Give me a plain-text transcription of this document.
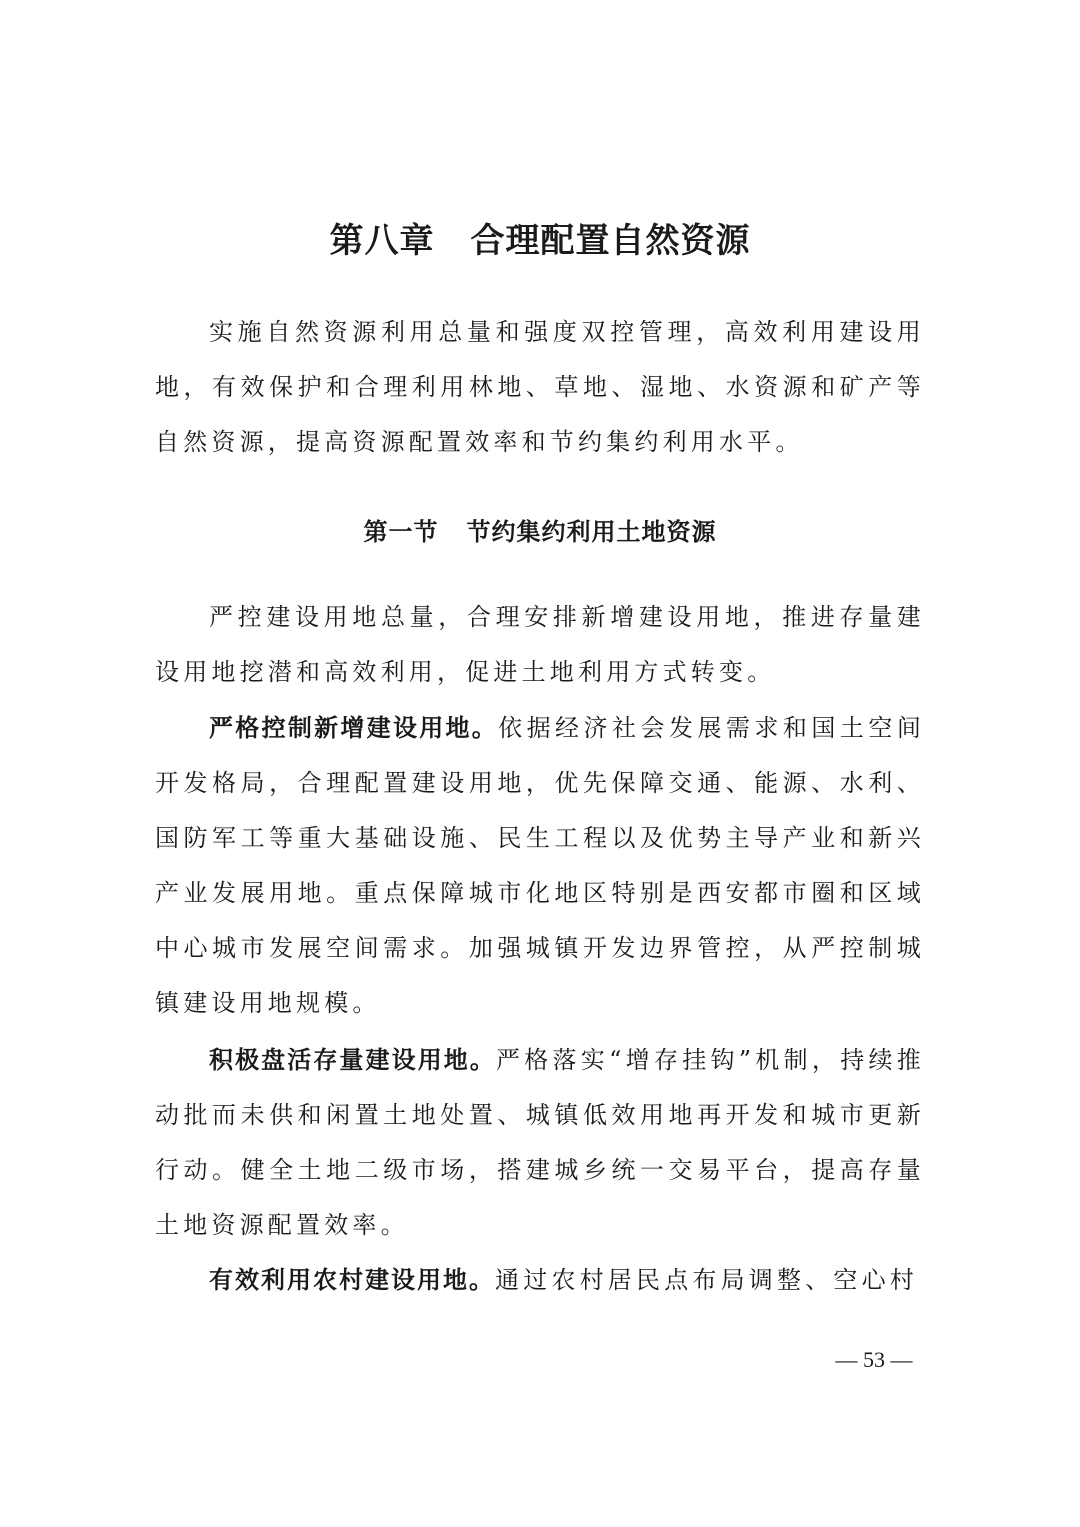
第八章 合理配置自然资源

实施自然资源利用总量和强度双控管理，高效利用建设用地，有效保护和合理利用林地、草地、湿地、水资源和矿产等自然资源，提高资源配置效率和节约集约利用水平。

第一节 节约集约利用土地资源

严控建设用地总量，合理安排新增建设用地，推进存量建设用地挖潜和高效利用，促进土地利用方式转变。

严格控制新增建设用地。依据经济社会发展需求和国土空间开发格局，合理配置建设用地，优先保障交通、能源、水利、国防军工等重大基础设施、民生工程以及优势主导产业和新兴产业发展用地。重点保障城市化地区特别是西安都市圈和区域中心城市发展空间需求。加强城镇开发边界管控，从严控制城镇建设用地规模。

积极盘活存量建设用地。严格落实“增存挂钩”机制，持续推动批而未供和闲置土地处置、城镇低效用地再开发和城市更新行动。健全土地二级市场，搭建城乡统一交易平台，提高存量土地资源配置效率。

有效利用农村建设用地。通过农村居民点布局调整、空心村

— 53 —
